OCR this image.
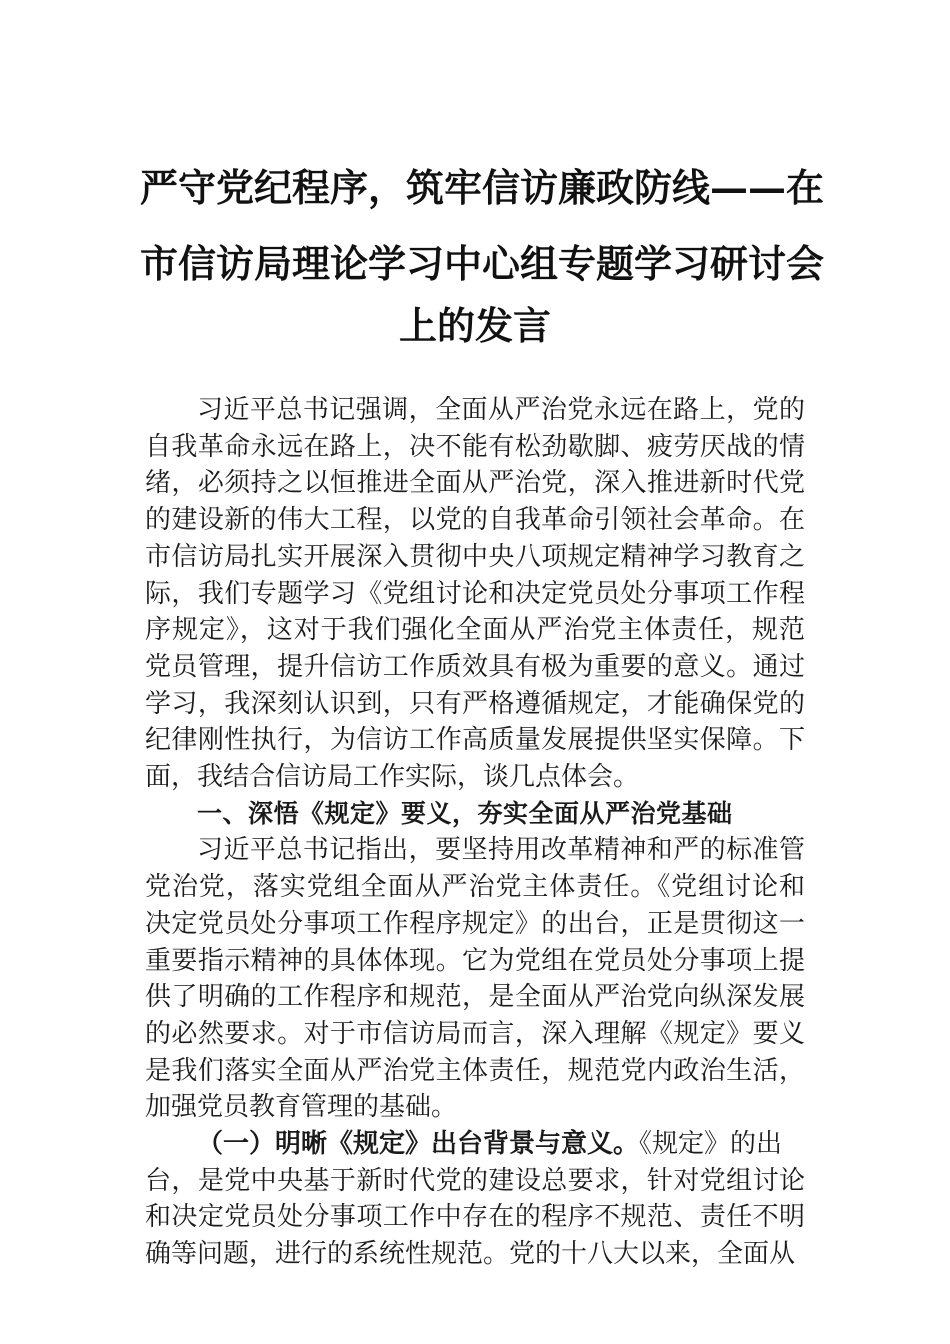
严守党纪程序，筑牢信访廉政防线——在
市信访局理论学习中心组专题学习研讨会
上的发言

习近平总书记强调，全面从严治党永远在路上，党的自我革命永远在路上，决不能有松劲歇脚、疲劳厌战的情绪，必须持之以恒推进全面从严治党，深入推进新时代党的建设新的伟大工程，以党的自我革命引领社会革命。在市信访局扎实开展深入贯彻中央八项规定精神学习教育之际，我们专题学习《党组讨论和决定党员处分事项工作程序规定》，这对于我们强化全面从严治党主体责任，规范党员管理，提升信访工作质效具有极为重要的意义。通过学习，我深刻认识到，只有严格遵循规定，才能确保党的纪律刚性执行，为信访工作高质量发展提供坚实保障。下面，我结合信访局工作实际，谈几点体会。

一、深悟《规定》要义，夯实全面从严治党基础

习近平总书记指出，要坚持用改革精神和严的标准管党治党，落实党组全面从严治党主体责任。《党组讨论和决定党员处分事项工作程序规定》的出台，正是贯彻这一重要指示精神的具体体现。它为党组在党员处分事项上提供了明确的工作程序和规范，是全面从严治党向纵深发展的必然要求。对于市信访局而言，深入理解《规定》要义是我们落实全面从严治党主体责任，规范党内政治生活，加强党员教育管理的基础。

（一）明晰《规定》出台背景与意义。《规定》的出

台，是党中央基于新时代党的建设总要求，针对党组讨论和决定党员处分事项工作中存在的程序不规范、责任不明确等问题，进行的系统性规范。党的十八大以来，全面从
